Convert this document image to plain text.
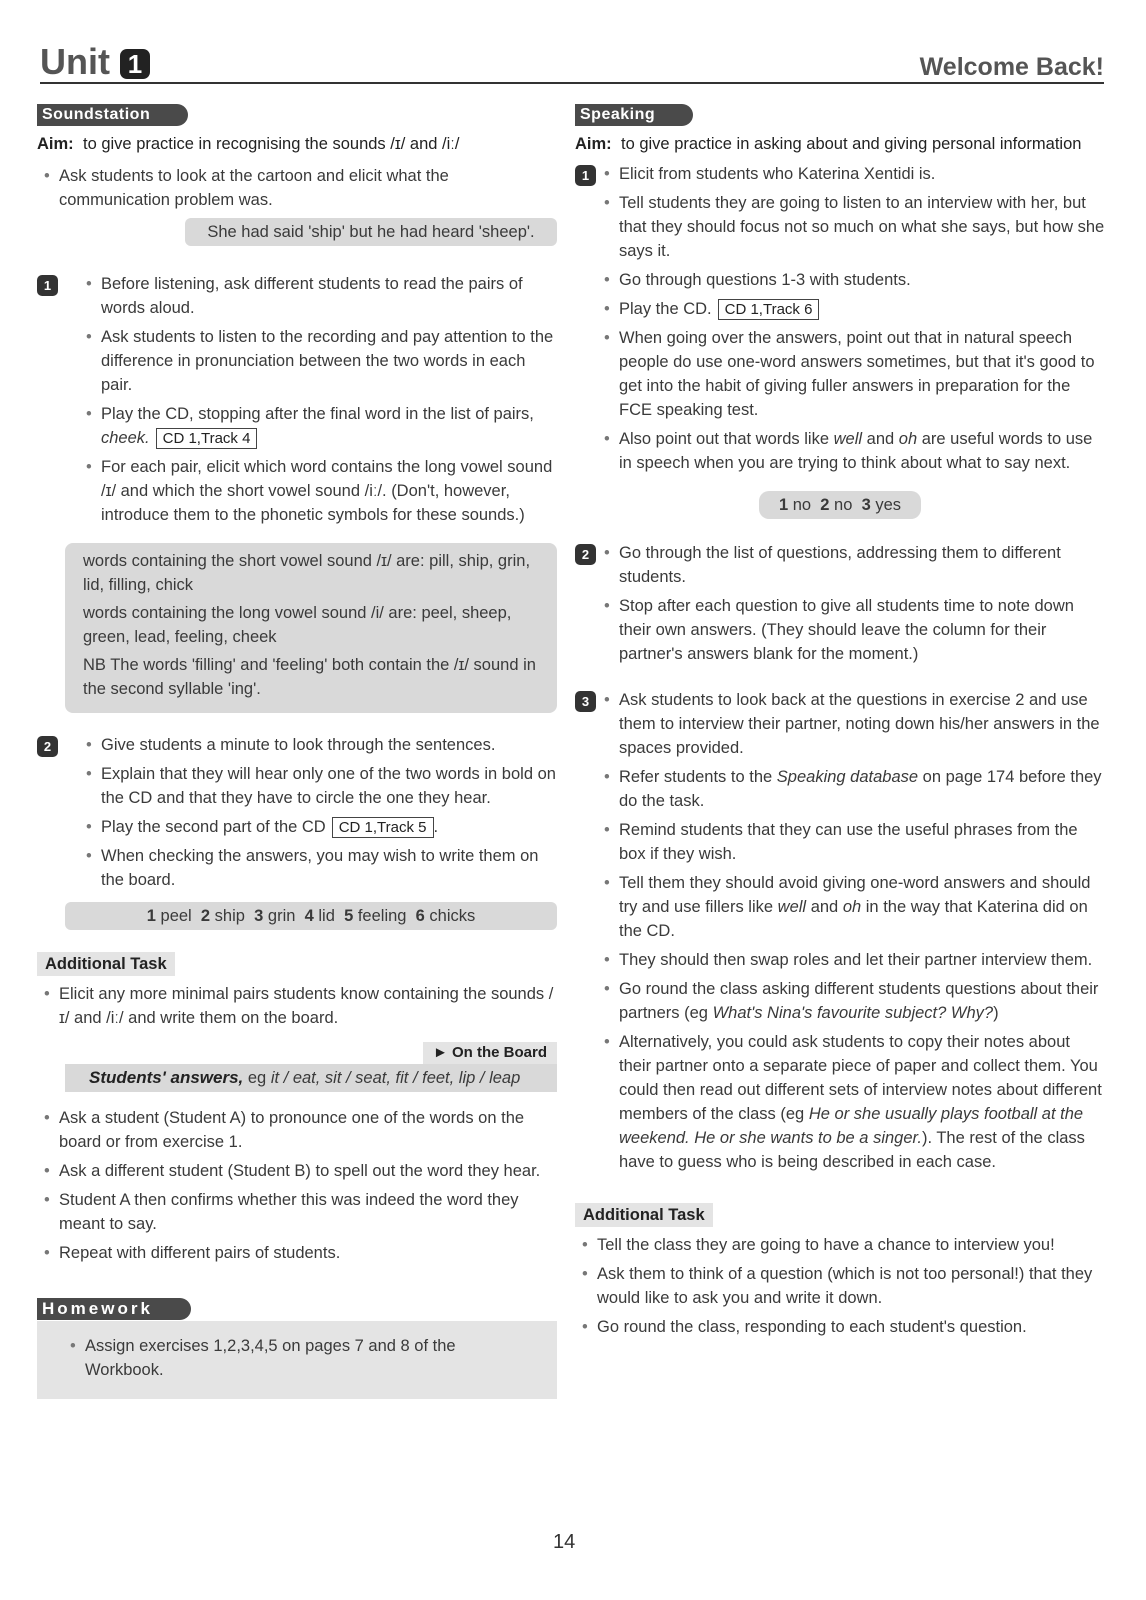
Unit 1	Welcome Back!
Soundstation
Aim: to give practice in recognising the sounds /ɪ/ and /iː/
• Ask students to look at the cartoon and elicit what the communication problem was.
She had said 'ship' but he had heard 'sheep'.
1	• Before listening, ask different students to read the pairs of words aloud.
• Ask students to listen to the recording and pay attention to the difference in pronunciation between the two words in each pair.
• Play the CD, stopping after the final word in the list of pairs, cheek. CD 1,Track 4
• For each pair, elicit which word contains the long vowel sound /ɪ/ and which the short vowel sound /iː/. (Don't, however, introduce them to the phonetic symbols for these sounds.)

words containing the short vowel sound /ɪ/ are: pill, ship, grin, lid, filling, chick

words containing the long vowel sound /i/ are: peel, sheep, green, lead, feeling, cheek

NB The words 'filling' and 'feeling' both contain the /ɪ/ sound in the second syllable 'ing'.

2	• Give students a minute to look through the sentences.
• Explain that they will hear only one of the two words in bold on the CD and that they have to circle the one they hear.
• Play the second part of the CD CD 1,Track 5 .
• When checking the answers, you may wish to write them on the board.
1 peel 2 ship 3 grin 4 lid 5 feeling 6 chicks
Additional Task
• Elicit any more minimal pairs students know containing the sounds /ɪ/ and /iː/ and write them on the board.
► On the Board
Students' answers, eg it / eat, sit / seat, fit / feet, lip / leap
• Ask a student (Student A) to pronounce one of the words on the board or from exercise 1.
• Ask a different student (Student B) to spell out the word they hear.
• Student A then confirms whether this was indeed the word they meant to say.
• Repeat with different pairs of students.
Homework
• Assign exercises 1,2,3,4,5 on pages 7 and 8 of the Workbook.
Speaking
Aim: to give practice in asking about and giving personal information
1	• Elicit from students who Katerina Xentidi is.
• Tell students they are going to listen to an interview with her, but that they should focus not so much on what she says, but how she says it.
• Go through questions 1-3 with students.
• Play the CD. CD 1,Track 6
• When going over the answers, point out that in natural speech people do use one-word answers sometimes, but that it's good to get into the habit of giving fuller answers in preparation for the FCE speaking test.
• Also point out that words like well and oh are useful words to use in speech when you are trying to think about what to say next.
1 no 2 no 3 yes
2	• Go through the list of questions, addressing them to different students.
• Stop after each question to give all students time to note down their own answers. (They should leave the column for their partner's answers blank for the moment.)
3	• Ask students to look back at the questions in exercise 2 and use them to interview their partner, noting down his/her answers in the spaces provided.
• Refer students to the Speaking database on page 174 before they do the task.
• Remind students that they can use the useful phrases from the box if they wish.
• Tell them they should avoid giving one-word answers and should try and use fillers like well and oh in the way that Katerina did on the CD.
• They should then swap roles and let their partner interview them.
• Go round the class asking different students questions about their partners (eg What's Nina's favourite subject? Why?)
• Alternatively, you could ask students to copy their notes about their partner onto a separate piece of paper and collect them. You could then read out different sets of interview notes about different members of the class (eg He or she usually plays football at the weekend. He or she wants to be a singer.). The rest of the class have to guess who is being described in each case.
Additional Task
• Tell the class they are going to have a chance to interview you!
• Ask them to think of a question (which is not too personal!) that they would like to ask you and write it down.
• Go round the class, responding to each student's question.
14
